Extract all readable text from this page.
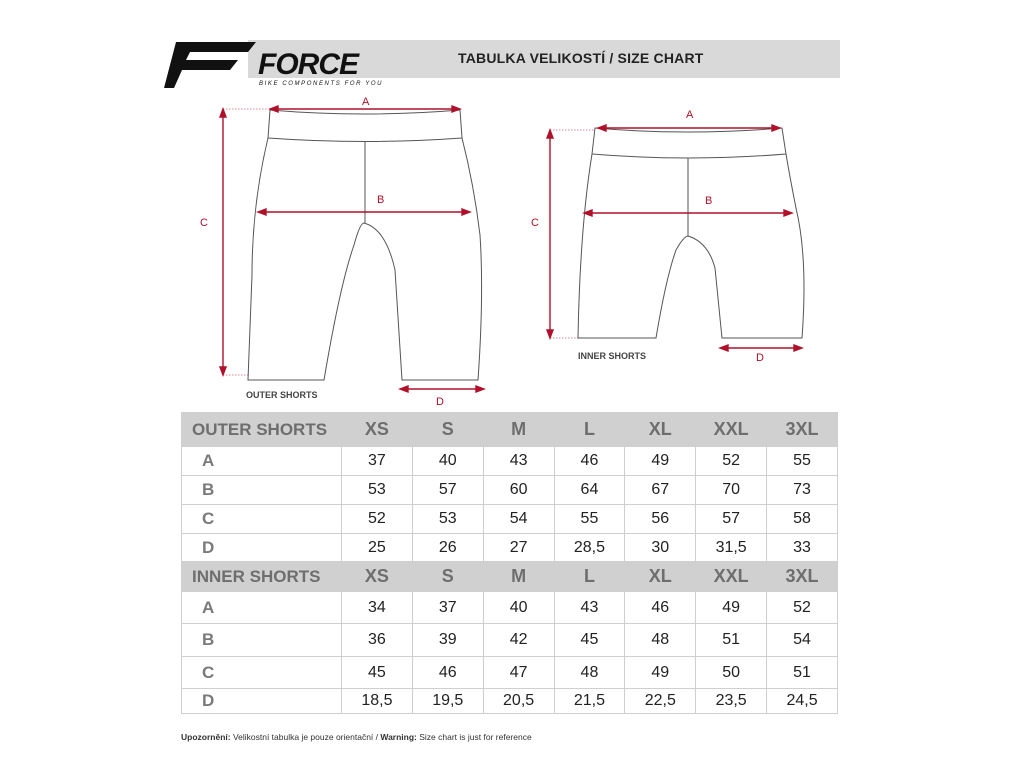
FORCE
BIKE COMPONENTS FOR YOU
TABULKA VELIKOSTÍ / SIZE CHART
A
B
C
D
OUTER SHORTS
A
B
C
D
INNER SHORTS
OUTER SHORTS	XS	S	M	L	XL	XXL	3XL
A	37	40	43	46	49	52	55
B	53	57	60	64	67	70	73
C	52	53	54	55	56	57	58
D	25	26	27	28,5	30	31,5	33
INNER SHORTS	XS	S	M	L	XL	XXL	3XL
A	34	37	40	43	46	49	52
B	36	39	42	45	48	51	54
C	45	46	47	48	49	50	51
D	18,5	19,5	20,5	21,5	22,5	23,5	24,5
Upozornění: Velikostní tabulka je pouze orientační / Warning: Size chart is just for reference
